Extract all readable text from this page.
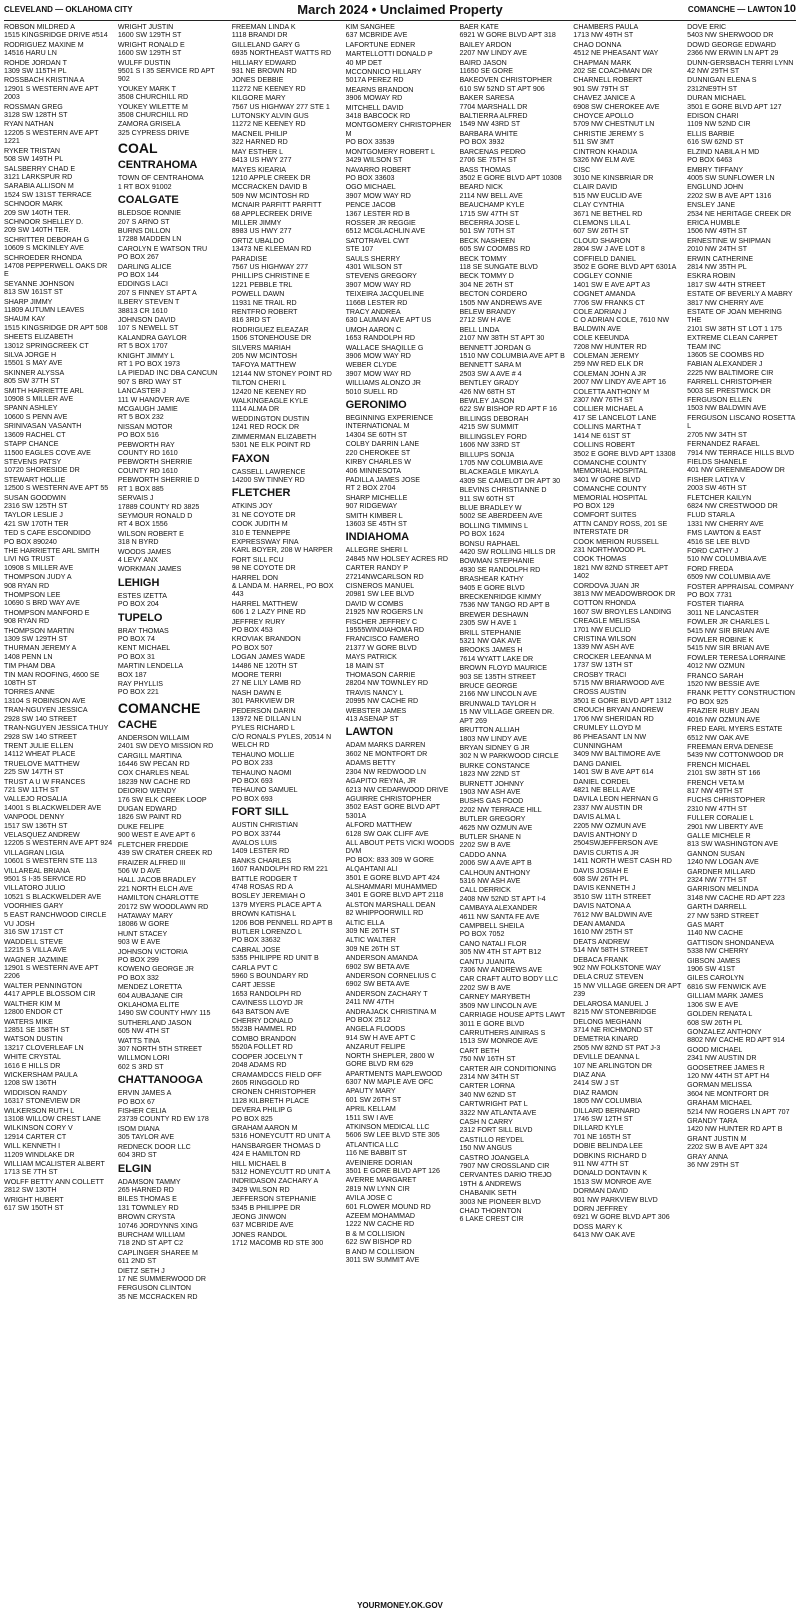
CLEVELAND — OKLAHOMA CITY	March 2024 • Unclaimed Property	COMANCHE — LAWTON 10
ROBSON MILDRED A
1515 KINGSRIDGE DRIVE #514
RODRIGUEZ MAXINE M
14516 HARU LN
ROHDE JORDAN T
1309 SW 115TH PL
ROSSBACH KRISTINA A
12901 S WESTERN AVE APT 2003
ROSSMAN GREG
3128 SW 128TH ST
RYAN NATHAN
12205 S WESTERN AVE APT 1221
RYKER TRISTAN
508 SW 149TH PL
SALSBERRY CHAD E
3121 LARKSPUR RD
SARABIA ALLISON M
1524 SW 131ST TERRACE
SCHNOOR MARK
209 SW 140TH TER.
SCHNOOR SHELLEY D.
209 SW 140TH TER.
SCHRITTER DEBORAH G
10609 S MCKINLEY AVE
SCHROEDER RHONDA
14708 PEPPERWELL OAKS DR E
SEYANNE JOHNSON
813 SW 161ST ST
SHARP JIMMY
11809 AUTUMN LEAVES
SHAUM KAY
1515 KINGSRIDGE DR APT 508
SHEETS ELIZABETH
13012 SPRINGCREEK CT
SILVA JORGE H
15501 S MAY AVE
SKINNER ALYSSA
805 SW 37TH ST
SMITH HARRIETTE ARL
10908 S MILLER AVE
SPANN ASHLEY
10600 S PENN AVE
SRINIVASAN VASANTH
13609 RACHEL CT
STAPP CHANCE
11500 EAGLES COVE AVE
STEVENS PATSY
10720 SHORESIDE DR
STEWART HOLLIE
12500 S WESTERN AVE APT 55
SUSAN GOODWIN
2316 SW 125TH ST
TAYLOR LESLIE J
421 SW 170TH TER
TED S CAFE ESCONDIDO
PO BOX 890240
THE HARRIETTE ARL SMITH LIVI NG TRUST
10908 S MILLER AVE
THOMPSON JUDY A
908 RYAN RD
THOMPSON LEE
10690 S BRD WAY AVE
THOMPSON MANFORD E
908 RYAN RD
THOMPSON MARTIN
1309 SW 129TH ST
THURMAN JEREMY A
1408 PENN LN
TIM PHAM DBA
TIN MAN ROOFING, 4600 SE 108TH ST
TORRES ANNE
13104 S ROBINSON AVE
TRAN-NGUYEN JESSICA
2928 SW 140 STREET
TRAN-NGUYEN JESSICA THUY
2928 SW 140 STREET
TRENT JULIE ELLEN
14112 WHEAT PLACE
TRUELOVE MATTHEW
225 SW 147TH ST
TRUST A U W FRANCES
721 SW 11TH ST
VALLEJO ROSALIA
14001 S BLACKWELDER AVE
VANPOOL DENNY
1517 SW 136TH ST
VELASQUEZ ANDREW
12205 S WESTERN AVE APT 924
VILLAGRAN LIGIA
10601 S WESTERN STE 113
VILLAREAL BRIANA
9501 S I-35 SERVICE RD
VILLATORO JULIO
10521 S BLACKWELDER AVE
VOORHIES GARY
5 EAST RANCHWOOD CIRCLE
VU JOSH
316 SW 171ST CT
WADDELL STEVE
12215 S VILLA AVE
WAGNER JAZMINE
12901 S WESTERN AVE APT 2206
WALTER PENNINGTON
4417 APPLE BLOSSOM CIR
WALTHER KIM M
12800 ENDOR CT
WATERS MIKE
12851 SE 158TH ST
WATSON DUSTIN
13217 CLOVERLEAF LN
WHITE CRYSTAL
1616 E HILLS DR
WICKERSHAM PAULA
1208 SW 136TH
WIDDISON RANDY
16317 STONEVIEW DR
WILKERSON RUTH L
13108 WILLOW CREST LANE
WILKINSON CORY V
12914 CARTER CT
WILL KENNETH I
11209 WINDLAKE DR
WILLIAM MCALISTER ALBERT
1713 SE 7TH ST
WOLFF BETTY ANN COLLETT
2812 SW 130TH
WRIGHT HUBERT
617 SW 150TH ST
WRIGHT JUSTIN
1600 SW 129TH ST
WRIGHT RONALD E
1600 SW 129TH ST
WULFF DUSTIN
9501 S I 35 SERVICE RD APT 902
YOUKEY MARK T
3508 CHURCHILL RD
YOUKEY WILETTE M
3508 CHURCHILL RD
ZAMORA GRISELA
325 CYPRESS DRIVE
COAL
CENTRAHOMA
TOWN OF CENTRAHOMA
1 RT BOX 91002
COALGATE
BLEDSOE RONNIE
207 S ARNO ST
BURNS DILLON
17288 MADDEN LN
CAROLYN E WATSON TRU
PO BOX 267
DARLING ALICE
PO BOX 144
EDDINGS LACI
207 S FINNEY ST APT A
ILBERY STEVEN T
38813 CR 1610
JOHNSON DAVID
107 S NEWELL ST
KALANDRA GAYLOR
RT 5 BOX 1707
KNIGHT JIMMY L
RT 1 PO BOX 1973
LA PIEDAD INC DBA CANCUN
907 S BRD WAY ST
LANCASTER J
111 W HANOVER AVE
MCGAUGH JAMIE
RT 5 BOX 232
NISSAN MOTOR
PO BOX 516
PEBWORTH RAY
COUNTY RD 1610
PEBWORTH SHERRIE
COUNTY RD 1610
PEBWORTH SHERRIE D
RT 1 BOX 885
SERVAIS J
17889 COUNTY RD 3825
SEYMOUR RONALD D
RT 4 BOX 1556
WILSON ROBERT E
318 N BYRD
WOODS JAMES
4 LEVY ANX
WORKMAN JAMES
LEHIGH
ESTES IZETTA
PO BOX 204
TUPELO
BRAY THOMAS
PO BOX 74
KENT MICHAEL
PO BOX 31
MARTIN LENDELLA
BOX 187
RAY PHYLLIS
PO BOX 221
COMANCHE
CACHE
ANDERSON WILLAIM
2401 SW DEYO MISSION RD
CARGILL MARTINA
16446 SW PECAN RD
COX CHARLES NEAL
18239 NW CACHE RD
DEIORIO WENDY
176 SW ELK CREEK LOOP
DUGAN EDWARD
1826 SW PAINT RD
DUKE FELIPE
900 WEST E AVE APT 6
FLETCHER FREDDIE
439 SW CRATER CREEK RD
FRAIZER ALFRED III
506 W D AVE
HALL JACOB BRADLEY
221 NORTH ELCH AVE
HAMILTON CHARLOTTE
20172 SW WOODLAWN RD
HATAWAY MARY
18086 W GORE
HUNT STACEY
903 W E AVE
JOHNSON VICTORIA
PO BOX 299
KOWENO GEORGE JR
PO BOX 332
MENDEZ LORETTA
604 AUBAJANE CIR
OKLAHOMA ELITE
1490 SW COUNTY HWY 115
SUTHERLAND JASON
605 NW 4TH ST
WATTS TINA
307 NORTH 5TH STREET
WILLMON LORI
602 S 3RD ST
CHATTANOOGA
ERVIN JAMES A
PO BOX 67
FISHER CELIA
23739 COUNTY RD EW 178
ISOM DIANA
305 TAYLOR AVE
REDNECK DOOR LLC
604 3RD ST
ELGIN
ADAMSON TAMMY
265 HARNED RD
BILES THOMAS E
131 TOWNLEY RD
BROWN CRYSTA
10746 JORDYNNS XING
BURCHAM WILLIAM
718 2ND ST APT C2
CAPLINGER SHAREE M
611 2ND ST
DIETZ SETH J
17 NE SUMMERWOOD DR
FERGUSON CLINTON
35 NE MCCRACKEN RD
FREEMAN LINDA K
1118 BRANDI DR
GILLELAND GARY G
6935 NORTHEAST WATTS RD
HILLIARY EDWARD
931 NE BROWN RD
JONES DEBBIE
11272 NE KEENEY RD
KILGORE MARY
7567 US HIGHWAY 277 STE 1
LUTONSKY ALVIN GUS
11272 NE KEENEY RD
MACNEIL PHILIP
322 HARNED RD
MAY ESTHER L
8413 US HWY 277
MAYES KIEARIA
1210 APPLE CREEK DR
MCCRACKEN DAVID B
509 NW MCINTOSH RD
MCNAIR PARFITT PARFITT
68 APPLECREEK DRIVE
MILLER JIMMY
8983 US HWY 277
ORTIZ UBALDO
13473 NE KLEEMAN RD
PARADISE
7567 US HIGHWAY 277
PHILLIPS CHRISTINE E
1221 PEBBLE TRL
POWELL DAWN
11931 NE TRAIL RD
RENTFRO ROBERT
816 3RD ST
RODRIGUEZ ELEAZAR
1506 STONEHOUSE DR
SILVERS MARIAH
205 NW MCINTOSH
TAFOYA MATTHEW
12144 NW STONEY POINT RD
TILTON CHERI L
12420 NE KEENEY RD
WALKINGEAGLE KYLE
1114 ALMA DR
WEDDINGTON DUSTIN
1241 RED ROCK DR
ZIMMERMAN ELIZABETH
5301 NE ELK POINT RD
FAXON
CASSELL LAWRENCE
14200 SW TINNEY RD
FLETCHER
ATKINS JOY
31 NE COYOTE DR
COOK JUDITH M
310 E TENNEPPE
EXPRESSWAY FINA
KARL BOYER, 208 W HARPER
FORT SILL FCU
98 NE COYOTE DR
HARREL DON
& LANDA M. HARREL, PO BOX 443
HARREL MATTHEW
606 1 2 LAZY PINE RD
JEFFREY RURY
PO BOX 453
KROVIAK BRANDON
PO BOX 507
LOGAN JAMES WADE
14486 NE 120TH ST
MOORE TERRI
27 NE LILY LAMB RD
NASH DAWN E
301 PARKVIEW DR
PEDERSON DARIN
13972 NE DILLAN LN
PYLES RICHARD L
C/O RONALS PYLES, 20514 N WELCH RD
TEHAUNO MOLLIE
PO BOX 233
TEHAUNO NAOMI
PO BOX 693
TEHAUNO SAMUEL
PO BOX 693
FORT SILL
AUSTIN CHRISTIAN
PO BOX 33744
AVALOS LUIS
1409 LESTER RD
BANKS CHARLES
1607 RANDOLPH RD RM 221
BATTLE RODGER T
4748 ROSAS RD A
BOSLEY JEREMIAH O
1379 MYERS PLACE APT A
BROWN KATISHA L
1206 BOB PENNELL RD APT B
BUTLER LORENZO L
PO BOX 33632
CABRAL JOSE
5355 PHILIPPE RD UNIT B
CARLA PVT C
5960 S BOUNDARY RD
CART JESSE
1653 RANDOLPH RD
CAVINESS LLOYD JR
643 BATSON AVE
CHERRY DONALD
5523B HAMMEL RD
COMBO BRANDON
5520A FOLLET RD
COOPER JOCELYN T
2048 ADAMS RD
CRAMAMDCCS FIELD OFF
2605 RINGGOLD RD
CRONEN CHRISTOPHER
1128 KILBRETH PLACE
DEVERA PHILIP G
PO BOX 825
GRAHAM AARON M
5316 HONEYCUTT RD UNIT A
HANSBARGER THOMAS D
424 E HAMILTON RD
HILL MICHAEL B
5312 HONEYCUTT RD UNIT A
INDRIDASON ZACHARY A
3429 WILSON RD
JEFFERSON STEPHANIE
5345 B PHILIPPE DR
JEONG JINWON
637 MCBRIDE AVE
JONES RANDOL
1712 MACOMB RD STE 300
KIM SANGHEE
637 MCBRIDE AVE
LAFORTUNE EDNER
MARTELLOTTI DONALD P
40 MP DET
MCCONNICO HILLARY
5017A PEREZ RD
MEARNS BRANDON
3906 MOWAY RD
MITCHELL DAVID
3418 BABCOCK RD
MONTGOMERY CHRISTOPHER M
PO BOX 33539
MONTGOMERY ROBERT L
3429 WILSON ST
NAVARRO ROBERT
PO BOX 33603
OGO MICHAEL
3907 MOW WAY RD
PENCE JACOB
1367 LESTER RD B
ROSSER JR REGGIE
6512 MCGLACHLIN AVE
SATOTRAVEL CWT
STE 107
SAULS SHERRY
4301 WILSON ST
STEVENS GREGORY
3907 MOW WAY RD
TEIXEIRA JACQUELINE
1166B LESTER RD
TRACY ANDREA
630 LAUMAN AVE APT US
UMOH AARON C
1653 RANDOLPH RD
WALLACE SHAQILLE G
3906 MOW WAY RD
WEBER CLYDE
3907 MOW WAY RD
WILLIAMS ALONZO JR
5010 SUELL RD
GERONIMO
BEGINNING EXPERIENCE INTERNATIONAL M
14304 SE 60TH ST
COLBY DARRIN LANE
220 CHEROKEE ST
KIRBY CHARLES W
406 MINNESOTA
PADILLA JAMES JOSE
RT 2 BOX 2704
SHARP MICHELLE
907 RIDGEWAY
SMITH KIMBER L
13603 SE 45TH ST
INDIAHOMA
ALLEGRE SHERI L
24845 NW HOLSEY ACRES RD
CARTER RANDY P
27214NWCARLSON RD
CISNEROS MANUEL
20981 SW LEE BLVD
DAVID W COMBS
21925 NW ROGERS LN
FISCHER JEFFREY C
19555WINDIAHOMA RD
FRANCISCO FAMERO
21377 W GORE BLVD
MAYS PATRICK
18 MAIN ST
THOMASON CARRIE
28204 NW TOWNLEY RD
TRAVIS NANCY L
20995 NW CACHE RD
WEBSTER JAMES
413 ASENAP ST
LAWTON
ADAM MARKS DARREN
3602 NE MONTFORT DR
ADAMS BETTY
2304 NW REDWOOD LN
AGAPITO REYNA, JR
6213 NW CEDARWOOD DRIVE
AGUIRRE CHRISTOPHER
3502 EAST GORE BLVD APT 5301A
ALFORD MATTHEW
6128 SW OAK CLIFF AVE
ALL ABOUT PETS VICKI WOODS DVM
PO BOX: 833 309 W GORE
ALQAHTANI ALI
3501 E GORE BLVD APT 424
ALSHAMMARI MUHAMMED
3401 E GORE BLVD APT 2118
ALSTON MARSHALL DEAN
82 WHIPPOORWILL RD
ALTIC ELLA
309 NE 26TH ST
ALTIC WALTER
309 NE 26TH ST
ANDERSON AMANDA
6902 SW BETA AVE
ANDERSON CORNELIUS C
6902 SW BETA AVE
ANDERSON ZACHARY T
2411 NW 47TH
ANDRAJACK CHRISTINA M
PO BOX 2512
ANGELA FLOODS
914 SW H AVE APT C
ANZARUT FELIPE
NORTH SHEPLER, 2800 W GORE BLVD RM 629
APARTMENTS MAPLEWOOD
6307 NW MAPLE AVE OFC
APAUTY MARY
601 SW 26TH ST
APRIL KELLAM
1511 SW I AVE
ATKINSON MEDICAL LLC
5606 SW LEE BLVD STE 305
ATLANTICA LLC
116 NE BABBIT ST
AVEINIERE DORIAN
3501 E GORE BLVD APT 126
AVERRE MARGARET
2819 NW LYNN CIR
AVILA JOSE C
601 FLOWER MOUND RD
AZEEM MOHAMMAD
1222 NW CACHE RD
B & M COLLISION
622 SW BISHOP RD
B AND M COLLISION
3011 SW SUMMIT AVE
BAER KATE
6921 W GORE BLVD APT 318
BAILEY ARDON
2207 NW LINDY AVE
BAIRD JASON
11650 SE GORE
BAKEOVEN CHRISTOPHER
610 SW 52ND ST APT 906
BAKER SARESA
7704 MARSHALL DR
BALTIERRA ALFRED
1549 NW 43RD ST
BARBARA WHITE
PO BOX 3932
BARCENAS PEDRO
2706 SE 75TH ST
BASS THOMAS
3502 E GORE BLVD APT 10308
BEARD NICK
2114 NW BELL AVE
BEAUCHAMP KYLE
1715 SW 47TH ST
BECERRA JOSE L
501 SW 70TH ST
BECK NASHEEN
605 SW COOMBS RD
BECK TOMMY
118 SE SUNGATE BLVD
BECK TOMMY D
304 NE 26TH ST
BECTON CORDERO
1505 NW ANDREWS AVE
BELEW BRANDY
2712 SW H AVE
BELL LINDA
2107 NW 38TH ST APT 30
BENNETT JORDAN G
1510 NW COLUMBIA AVE APT B
BENNETT SARA M
2503 SW A AVE # 4
BENTLEY GRADY
426 NW 68TH ST
BEWLEY JASON
622 SW BISHOP RD APT F 16
BILLINGS DEBORAH
4215 SW SUMMIT
BILLINGSLEY FORD
1606 NW 33RD ST
BILLUPS SONJA
1705 NW COLUMBIA AVE
BLACKEAGLE MIKAYLA
4309 SE CAMELOT DR APT 30
BLEVINS CHRISTIANNE D
911 SW 60TH ST
BLUE BRADLEY W
5002 SE ABERDEEN AVE
BOLLING TIMMINS L
PO BOX 1624
BONSU RAPHAEL
4420 SW ROLLING HILLS DR
BOWMAN STEPHANIE
4930 SE RANDOLPH RD
BRASHEAR KATHY
9405 E GORE BLVD
BRECKENRIDGE KIMMY
7536 NW TANGO RD APT B
BREWER DESHAWN
2305 SW H AVE 1
BRILL STEPHANIE
5321 NW OAK AVE
BROOKS JAMES H
7614 WYATT LAKE DR
BROWN FLOYD MAURICE
903 SE 135TH STREET
BRUCE GEORGE
2166 NW LINCOLN AVE
BRUNWALD TAYLOR H
15 NW VILLAGE GREEN DR. APT 269
BRUTTON ALLIAH
1803 NW LINDY AVE
BRYAN SIDNEY G JR
302 N W PARKWOOD CIRCLE
BURKE CONSTANCE
1823 NW 22ND ST
BURNETT JOHNNY
1903 NW ASH AVE
BUSHS GAS FOOD
2202 NW TERRACE HILL
BUTLER GREGORY
4625 NW OZMUN AVE
BUTLER SHANE N
2202 SW B AVE
CADDO ANNA
2006 SW A AVE APT B
CALHOUN ANTHONY
5316 NW ASH AVE
CALL DERRICK
2408 NW 52ND ST APT I-4
CAMBAYA ALEXANDER
4611 NW SANTA FE AVE
CAMPBELL SHEILA
PO BOX 7052
CANO NATALI FLOR
305 NW 4TH ST APT B12
CANTU JUANITA
7306 NW ANDREWS AVE
CAR CRAFT AUTO BODY LLC
2202 SW B AVE
CARNEY MARYBETH
3509 NW LINCOLN AVE
CARRIAGE HOUSE APTS LAWT
3011 E GORE BLVD
CARRUTHERS AINIRAS S
1513 SW MONROE AVE
CART BETH
750 NW 16TH ST
CARTER AIR CONDITIONING
2314 NW 34TH ST
CARTER LORNA
340 NW 62ND ST
CARTWRIGHT PAT L
3322 NW ATLANTA AVE
CASH N CARRY
2312 FORT SILL BLVD
CASTILLO REYDEL
150 NW ANGUS
CASTRO JOANGELA
7907 NW CROSSLAND CIR
CERVANTES DARIO TREJO
19TH & ANDREWS
CHABANIK SETH
3003 NE PIONEER BLVD
CHAD THORNTON
6 LAKE CREST CIR
CHAMBERS PAULA
1713 NW 49TH ST
CHAO DONNA
4512 NE PHEASANT WAY
CHAPMAN MARK
202 SE COACHMAN DR
CHARNELL ROBERT
901 SW 79TH ST
CHAVEZ JANICE A
6908 SW CHEROKEE AVE
CHOYCE APOLLO
5709 NW CHESTNUT LN
CHRISTIE JEREMY S
511 SW 3MT
CINTRON KHADIJA
5326 NW ELM AVE
CISC
3010 NE KINSBRIAR DR
CLAIR DAVID
515 NW EUCLID AVE
CLAY CYNTHIA
3671 NE BETHEL RD
CLEMONS LILA L
607 SW 26TH ST
CLOUD SHARON
2804 SW J AVE LOT 8
COFFIELD DANIEL
3502 E GORE BLVD APT 6301A
COGLEY CONNIE
1401 SW E AVE APT A3
COGNET AMANDA
7706 SW FRANKS CT
COLE ADRIAN J
C O ADRIAN COLE, 7610 NW BALDWIN AVE
COLE KEEUNDA
7208 NW HUNTER RD
COLEMAN JEREMY
259 NW RED ELK DR
COLEMAN JOHN A JR
2007 NW LINDY AVE APT 16
COLETTA ANTHONY M
2307 NW 76TH ST
COLLIER MICHAEL A
417 SE LANCELOT LANE
COLLINS MARTHA T
1414 NE 61ST ST
COLLINS ROBERT
3502 E GORE BLVD APT 13308
COMANCHE COUNTY MEMORIAL HOSPITAL
3401 W GORE BLVD
COMANCHE COUNTY MEMORIAL HOSPITAL
PO BOX 129
COMFORT SUITES
ATTN CANDY ROSS, 201 SE INTERSTATE DR
COOK MERION RUSSELL
231 NORTHWOOD PL
COOK THOMAS
1821 NW 82ND STREET APT 1402
CORDOVA JUAN JR
3813 NW MEADOWBROOK DR
COTTON RHONDA
1607 SW BROYLES LANDING
CREAGLE MELISSA
1701 NW EUCLID
CRISTINA WILSON
1339 NW ASH AVE
CROCKER LEEANNA M
1737 SW 13TH ST
CROSBY TRACI
5715 NW BRIARWOOD AVE
CROSS AUSTIN
3501 E GORE BLVD APT 1312
CROUCH BRYAN ANDREW
1706 NW SHERIDAN RD
CRUMLEY LLOYD M
86 PHEASANT LN NW
CUNNINGHAM
3409 NW BALTIMORE AVE
DANG DANIEL
1401 SW B AVE APT 614
DANIEL CORDEL
4821 NE BELL AVE
DAVILA LEON HERNAN G
2337 NW AUSTIN DR
DAVIS ALMA L
2205 NW OZMUN AVE
DAVIS ANTHONY D
2504SWJEFFERSON AVE
DAVIS CURTIS A JR
1411 NORTH WEST CASH RD
DAVIS JOSIAH E
608 SW 26TH PL
DAVIS KENNETH J
3510 SW 11TH STREET
DAVIS NATONA A
7612 NW BALDWIN AVE
DEAN AMANDA
1610 NW 25TH ST
DEATS ANDREW
514 NW 58TH STREET
DEBACA FRANK
902 NW FOLKSTONE WAY
DELA CRUZ STEVEN
15 NW VILLAGE GREEN DR APT 239
DELAROSA MANUEL J
8215 NW STONEBRIDGE
DELONG MEGHANN
3714 NE RICHMOND ST
DEMETRIA KINARD
2505 NW 82ND ST PAT J-3
DEVILLE DEANNA L
107 NE ARLINGTON DR
DIAZ ANA
2414 SW J ST
DIAZ RAMON
1805 NW COLUMBIA
DILLARD BERNARD
1746 SW 12TH ST
DILLARD KYLE
701 NE 165TH ST
DOBIE BELINDA LEE

DOBKINS RICHARD D
911 NW 47TH ST
DONALD DONTAVIN K
1513 SW MONROE AVE
DORMAN DAVID
801 NW PARKVIEW BLVD
DORN JEFFREY
6921 W GORE BLVD APT 306
DOSS MARY K
6413 NW OAK AVE
DOVE ERIC
5403 NW SHERWOOD DR
DOWD GEORGE EDWARD
2366 NW ERWIN LN APT 29
DUNN-GERSBACH TERRI LYNN
42 NW 29TH ST
DUNNIGAN ELENA S
2312NE9TH ST
DURAN MICHAEL
3501 E GORE BLVD APT 127
EDISON CHARI
1109 NW 52ND CIR
ELLIS BARBIE
616 SW 62ND ST
ELZIND NABILA H MD
PO BOX 6463
EMBRY TIFFANY
4005 SW SUNFLOWER LN
ENGLUND JOHN
2202 SW B AVE APT 1316
ENSLEY JANE
2534 NE HERITAGE CREEK DR
ERICA HUMBLE
1506 NW 49TH ST
ERNESTINE W SHIPMAN
2010 NW 24TH ST
ERWIN CATHERINE
2814 NW 35TH PL
ESKRA ROBIN
1817 SW 44TH STREET
ESTATE OF BEVERLY A MABRY
3817 NW CHERRY AVE
ESTATE OF JOAN MEHRING THE
2101 SW 38TH ST LOT 1 175
EXTREME CLEAN CARPET TEAM INC
13605 SE COOMBS RD
FABIAN ALEXANDER J
2225 NW BALTIMORE CIR
FARRELL CHRISTOPHER
5003 SE PRESTWICK DR
FERGUSON ELLEN
1503 NW BALDWIN AVE
FERGUSON LISCANO ROSETTA L
2705 NW 34TH ST
FERNANDEZ RAFAEL
7914 NW TERRACE HILLS BLVD
FIELDS SHANELE
401 NW GREENMEADOW DR
FISHER LATIYA V
2003 SW 46TH ST
FLETCHER KAILYN
6824 NW CRESTWOOD DR
FLUD STARLA
1331 NW CHERRY AVE
FMS LAWTON & EAST
4516 SE LEE BLVD
FORD CATHY J
510 NW COLUMBIA AVE
FORD FREDA
6509 NW COLUMBIA AVE
FOSTER APPRAISAL COMPANY
PO BOX 7731
FOSTER TIARRA
3011 NE LANCASTER
FOWLER JR CHARLES L
5415 NW SIR BRIAN AVE
FOWLER ROBINE K
5415 NW SIR BRIAN AVE
FOWLER TERESA LORRAINE
4012 NW OZMUN
FRANCO SARAH
1520 NW BESSIE AVE
FRANK PETTY CONSTRUCTION
PO BOX 925
FRAZIER RUBY JEAN
4016 NW OZMUN AVE
FRED EARL MYERS ESTATE
6512 NW OAK AVE
FREEMAN ERVA DENESE
5439 NW COTTONWOOD DR
FRENCH MICHAEL
2101 SW 38TH ST 166
FRENCH VETA M
817 NW 49TH ST
FUCHS CHRISTOPHER
2310 NW 47TH ST
FULLER CORALIE L
2901 NW LIBERTY AVE
GALLE MICHELE R
813 SW WASHINGTON AVE
GANNON SUSAN
1240 NW LOGAN AVE
GARDNER MILLARD
2324 NW 77TH ST
GARRISON MELINDA
3148 NW CACHE RD APT 223
GARTH DARRELL
27 NW 53RD STREET
GAS MART
1140 NW CACHE
GATTISON SHONDANEVA
5338 NW CHERRY
GIBSON JAMES
1906 SW 41ST
GILES CAROLYN
6816 SW FENWICK AVE
GILLIAM MARK JAMES
1306 SW E AVE
GOLDEN RENATA L
608 SW 26TH PL
GONZALEZ ANTHONY
8802 NW CACHE RD APT 914
GOOD MICHAEL
2341 NW AUSTIN DR
GOOSETREE JAMES R
120 NW 44TH ST APT H4
GORMAN MELISSA
3604 NE MONTFORT DR
GRAHAM MICHAEL
5214 NW ROGERS LN APT 707
GRANDY TARA
1420 NW HUNTER RD APT B
GRANT JUSTIN M
2202 SW B AVE APT 324
GRAY ANNA
36 NW 29TH ST
YOURMONEY.OK.GOV
